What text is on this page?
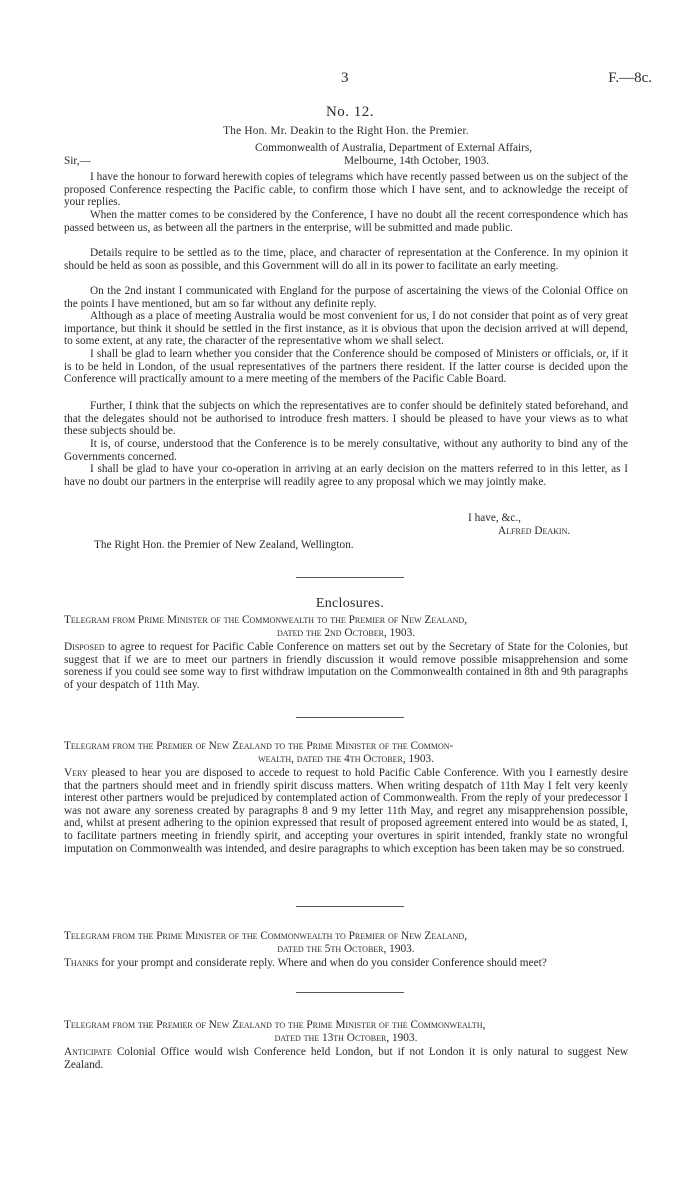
3	F.—8c.
No. 12.
The Hon. Mr. Deakin to the Right Hon. the Premier.

Commonwealth of Australia, Department of External Affairs,

Melbourne, 14th October, 1903.

Sir,—

I have the honour to forward herewith copies of telegrams which have recently passed between us on the subject of the proposed Conference respecting the Pacific cable, to confirm those which I have sent, and to acknowledge the receipt of your replies.

When the matter comes to be considered by the Conference, I have no doubt all the recent correspondence which has passed between us, as between all the partners in the enterprise, will be submitted and made public.

Details require to be settled as to the time, place, and character of representation at the Conference. In my opinion it should be held as soon as possible, and this Government will do all in its power to facilitate an early meeting.

On the 2nd instant I communicated with England for the purpose of ascertaining the views of the Colonial Office on the points I have mentioned, but am so far without any definite reply.

Although as a place of meeting Australia would be most convenient for us, I do not consider that point as of very great importance, but think it should be settled in the first instance, as it is obvious that upon the decision arrived at will depend, to some extent, at any rate, the character of the representative whom we shall select.

I shall be glad to learn whether you consider that the Conference should be composed of Ministers or officials, or, if it is to be held in London, of the usual representatives of the partners there resident. If the latter course is decided upon the Conference will practically amount to a mere meeting of the members of the Pacific Cable Board.

Further, I think that the subjects on which the representatives are to confer should be definitely stated beforehand, and that the delegates should not be authorised to introduce fresh matters. I should be pleased to have your views as to what these subjects should be.

It is, of course, understood that the Conference is to be merely consultative, without any authority to bind any of the Governments concerned.

I shall be glad to have your co-operation in arriving at an early decision on the matters referred to in this letter, as I have no doubt our partners in the enterprise will readily agree to any proposal which we may jointly make.

I have, &c.,
Alfred Deakin.
The Right Hon. the Premier of New Zealand, Wellington.
Enclosures.

Telegram from Prime Minister of the Commonwealth to the Premier of New Zealand,

dated the 2nd October, 1903.

Disposed to agree to request for Pacific Cable Conference on matters set out by the Secretary of State for the Colonies, but suggest that if we are to meet our partners in friendly discussion it would remove possible misapprehension and some soreness if you could see some way to first withdraw imputation on the Commonwealth contained in 8th and 9th paragraphs of your despatch of 11th May.

Telegram from the Premier of New Zealand to the Prime Minister of the Common-

wealth, dated the 4th October, 1903.

Very pleased to hear you are disposed to accede to request to hold Pacific Cable Conference. With you I earnestly desire that the partners should meet and in friendly spirit discuss matters. When writing despatch of 11th May I felt very keenly interest other partners would be prejudiced by contemplated action of Commonwealth. From the reply of your predecessor I was not aware any soreness created by paragraphs 8 and 9 my letter 11th May, and regret any misapprehension possible, and, whilst at present adhering to the opinion expressed that result of proposed agreement entered into would be as stated, I, to facilitate partners meeting in friendly spirit, and accepting your overtures in spirit intended, frankly state no wrongful imputation on Commonwealth was intended, and desire paragraphs to which exception has been taken may be so construed.

Telegram from the Prime Minister of the Commonwealth to Premier of New Zealand,

dated the 5th October, 1903.

Thanks for your prompt and considerate reply. Where and when do you consider Conference should meet?

Telegram from the Premier of New Zealand to the Prime Minister of the Commonwealth,

dated the 13th October, 1903.

Anticipate Colonial Office would wish Conference held London, but if not London it is only natural to suggest New Zealand.
